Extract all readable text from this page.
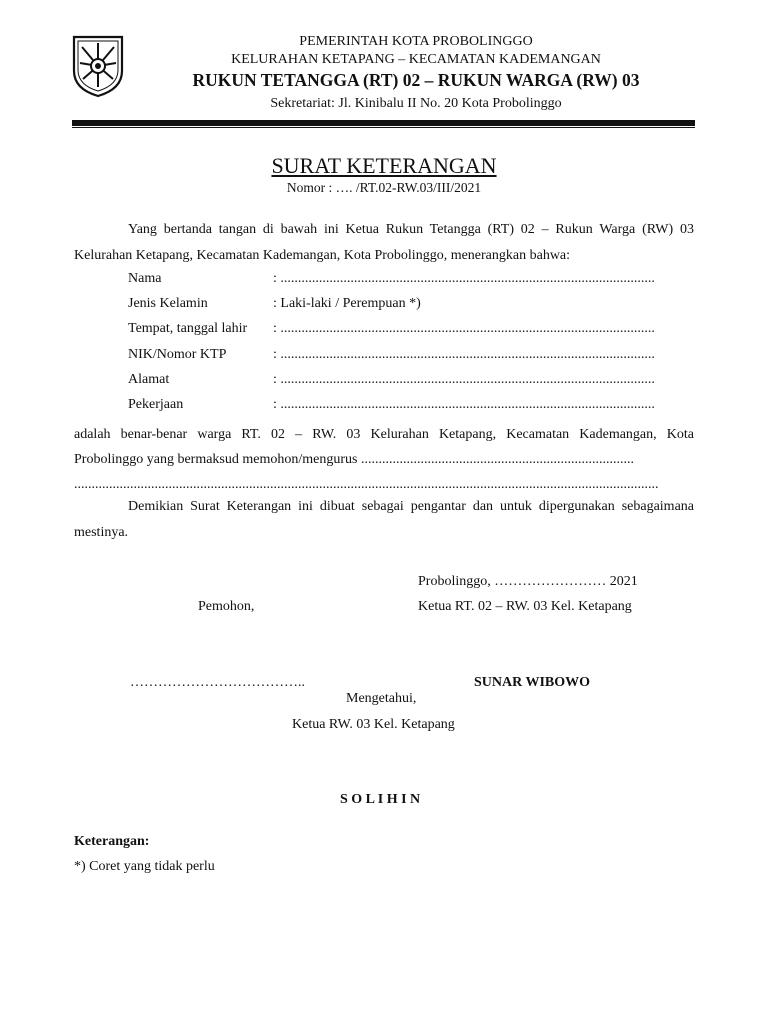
PEMERINTAH KOTA PROBOLINGGO
KELURAHAN KETAPANG – KECAMATAN KADEMANGAN
RUKUN TETANGGA (RT) 02 – RUKUN WARGA (RW) 03
Sekretariat: Jl. Kinibalu II No. 20 Kota Probolinggo
SURAT KETERANGAN
Nomor : …. /RT.02-RW.03/III/2021
Yang bertanda tangan di bawah ini Ketua Rukun Tetangga (RT) 02 – Rukun Warga (RW) 03 Kelurahan Ketapang, Kecamatan Kademangan, Kota Probolinggo, menerangkan bahwa:
Nama	: ...........................................................................................................
Jenis Kelamin	: Laki-laki / Perempuan *)
Tempat, tanggal lahir : ...........................................................................................................
NIK/Nomor KTP	: ...........................................................................................................
Alamat	: ...........................................................................................................
Pekerjaan	: ...........................................................................................................
adalah benar-benar warga RT. 02 – RW. 03 Kelurahan Ketapang, Kecamatan Kademangan, Kota
Probolinggo yang bermaksud memohon/mengurus ..............................................................................
.......................................................................................................................................................................
Demikian Surat Keterangan ini dibuat sebagai pengantar dan untuk dipergunakan sebagaimana mestinya.
Probolinggo, …………………… 2021
Pemohon,	Ketua RT. 02 – RW. 03 Kel. Ketapang
………………………………..	SUNAR WIBOWO
Mengetahui,
Ketua RW. 03 Kel. Ketapang
S O L I H I N
Keterangan:
*) Coret yang tidak perlu
